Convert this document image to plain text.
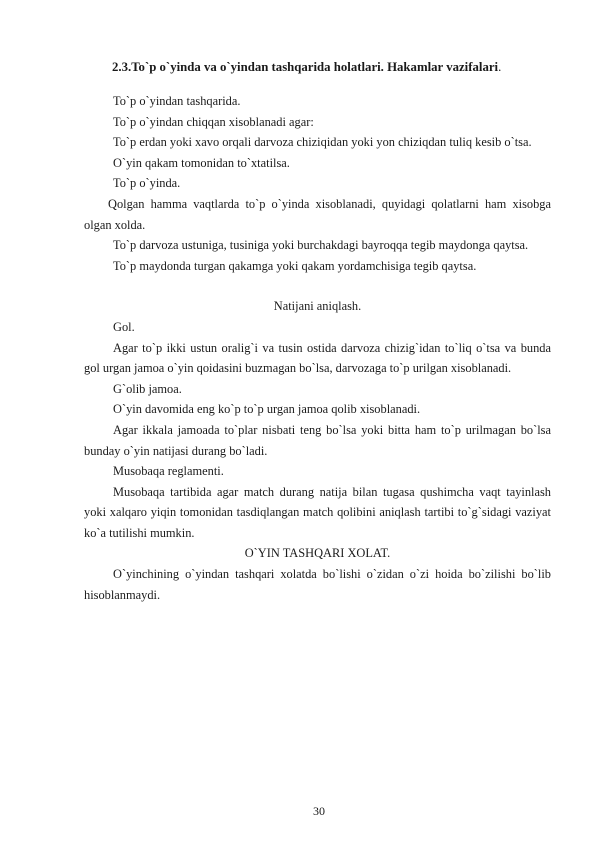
2.3.To`p o`yinda va o`yindan tashqarida holatlari. Hakamlar vazifalari.

To`p o`yindan tashqarida.

To`p o`yindan chiqqan xisoblanadi agar:

To`p erdan yoki xavo orqali darvoza chiziqidan yoki yon chiziqdan tuliq kesib o`tsa.

O`yin qakam tomonidan to`xtatilsa.

To`p o`yinda.

Qolgan hamma vaqtlarda to`p o`yinda xisoblanadi, quyidagi qolatlarni ham xisobga olgan xolda.

To`p darvoza ustuniga, tusiniga yoki burchakdagi bayroqqa tegib maydonga qaytsa.

To`p maydonda turgan qakamga yoki qakam yordamchisiga tegib qaytsa.

Natijani aniqlash.

Gol.

Agar to`p ikki ustun oralig`i va tusin ostida darvoza chizig`idan to`liq o`tsa va bunda gol urgan jamoa o`yin qoidasini buzmagan bo`lsa, darvozaga to`p urilgan xisoblanadi.

G`olib jamoa.

O`yin davomida eng ko`p to`p urgan jamoa qolib xisoblanadi.

Agar ikkala jamoada to`plar nisbati teng bo`lsa yoki bitta ham to`p urilmagan bo`lsa bunday o`yin natijasi durang bo`ladi.

Musobaqa reglamenti.

Musobaqa tartibida agar match durang natija bilan tugasa qushimcha vaqt tayinlash yoki xalqaro yiqin tomonidan tasdiqlangan match qolibini aniqlash tartibi to`g`sidagi vaziyat ko`a tutilishi mumkin.

O`YIN TASHQARI XOLAT.

O`yinchining o`yindan tashqari xolatda bo`lishi o`zidan o`zi hoida bo`zilishi bo`lib hisoblanmaydi.

30
